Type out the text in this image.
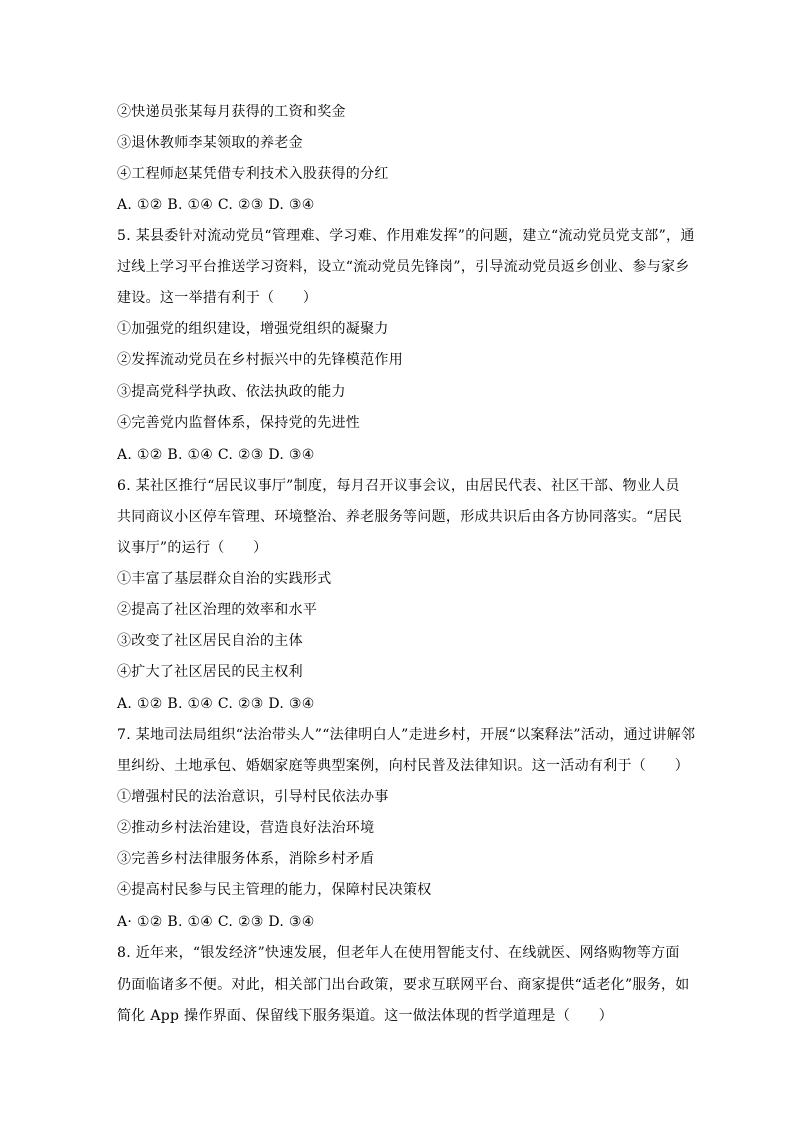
②快递员张某每月获得的工资和奖金
③退休教师李某领取的养老金
④工程师赵某凭借专利技术入股获得的分红
A. ①② B. ①④ C. ②③ D. ③④
5. 某县委针对流动党员“管理难、学习难、作用难发挥”的问题，建立“流动党员党支部”，通
过线上学习平台推送学习资料，设立“流动党员先锋岗”，引导流动党员返乡创业、参与家乡
建设。这一举措有利于（　　）
①加强党的组织建设，增强党组织的凝聚力
②发挥流动党员在乡村振兴中的先锋模范作用
③提高党科学执政、依法执政的能力
④完善党内监督体系，保持党的先进性
A. ①② B. ①④ C. ②③ D. ③④
6. 某社区推行“居民议事厅”制度，每月召开议事会议，由居民代表、社区干部、物业人员
共同商议小区停车管理、环境整治、养老服务等问题，形成共识后由各方协同落实。“居民
议事厅”的运行（　　）
①丰富了基层群众自治的实践形式
②提高了社区治理的效率和水平
③改变了社区居民自治的主体
④扩大了社区居民的民主权利
A. ①② B. ①④ C. ②③ D. ③④
7. 某地司法局组织“法治带头人”“法律明白人”走进乡村，开展“以案释法”活动，通过讲解邻
里纠纷、土地承包、婚姻家庭等典型案例，向村民普及法律知识。这一活动有利于（　　）
①增强村民的法治意识，引导村民依法办事
②推动乡村法治建设，营造良好法治环境
③完善乡村法律服务体系，消除乡村矛盾
④提高村民参与民主管理的能力，保障村民决策权
A· ①② B. ①④ C. ②③ D. ③④
8. 近年来，“银发经济”快速发展，但老年人在使用智能支付、在线就医、网络购物等方面
仍面临诸多不便。对此，相关部门出台政策，要求互联网平台、商家提供“适老化”服务，如
简化 App 操作界面、保留线下服务渠道。这一做法体现的哲学道理是（　　）
